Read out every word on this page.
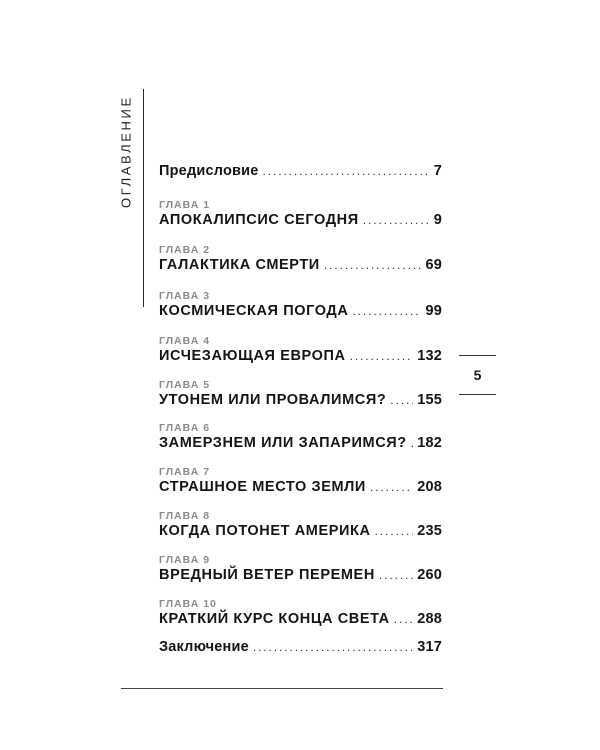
ОГЛАВЛЕНИЕ	Предисловие .....	7
ГЛАВА 1
АПОКАЛИПСИС СЕГОДНЯ .....	9
ГЛАВА 2
ГАЛАКТИКА СМЕРТИ .....	69
ГЛАВА 3
КОСМИЧЕСКАЯ ПОГОДА .....	99
ГЛАВА 4
ИСЧЕЗАЮЩАЯ ЕВРОПА .....	132
ГЛАВА 5
УТОНЕМ ИЛИ ПРОВАЛИМСЯ? ..... 155
ГЛАВА 6
ЗАМЕРЗНЕМ ИЛИ ЗАПАРИМСЯ? ..... 182
ГЛАВА 7
СТРАШНОЕ МЕСТО ЗЕМЛИ .....	208
ГЛАВА 8
КОГДА ПОТОНЕТ АМЕРИКА .....	235
ГЛАВА 9
ВРЕДНЫЙ ВЕТЕР ПЕРЕМЕН .....	260
ГЛАВА 10
КРАТКИЙ КУРС КОНЦА СВЕТА ..... 288
Заключение .....	317
5
